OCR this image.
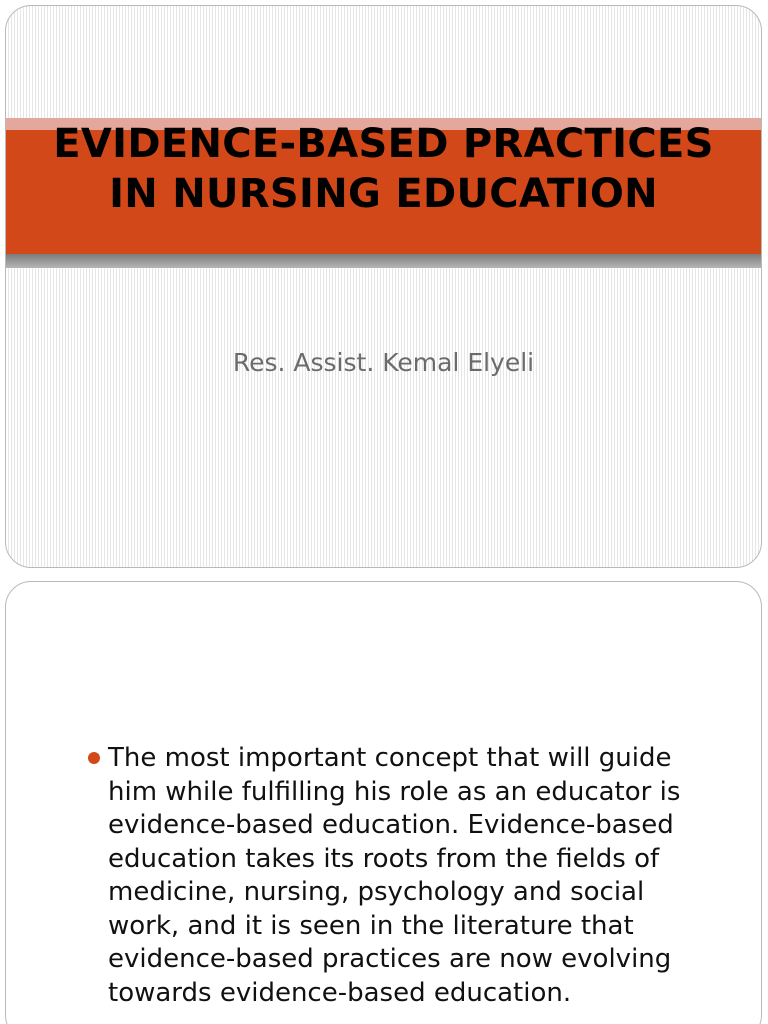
EVIDENCE-BASED PRACTICES IN NURSING EDUCATION

Res. Assist. Kemal Elyeli

The most important concept that will guide him while fulfilling his role as an educator is evidence-based education. Evidence-based education takes its roots from the fields of medicine, nursing, psychology and social work, and it is seen in the literature that evidence-based practices are now evolving towards evidence-based education.
